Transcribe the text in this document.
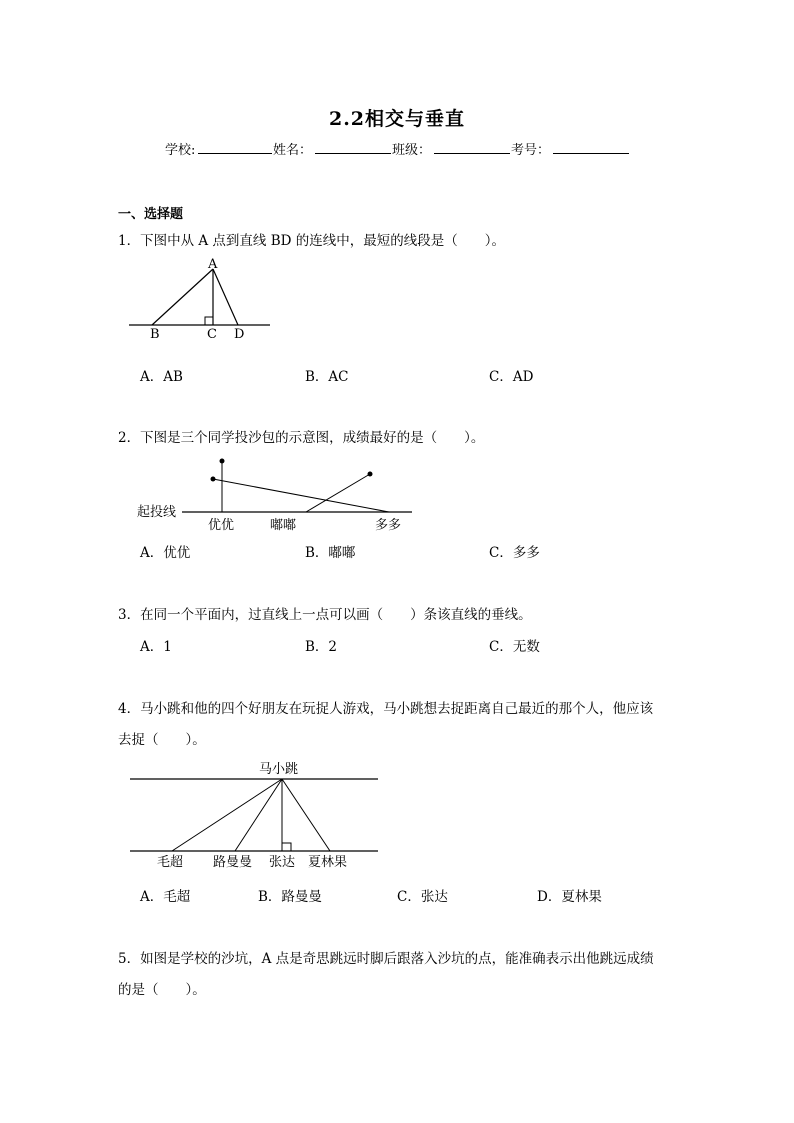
2.2相交与垂直
学校:	姓名：	班级：	考号：
一、选择题
1．下图中从 A 点到直线 BD 的连线中，最短的线段是（　　）。
A
B	C D
A．AB	B．AC	C．AD
2．下图是三个同学投沙包的示意图，成绩最好的是（　　）。
起投线
优优	嘟嘟	多多
A．优优	B．嘟嘟	C．多多
3．在同一个平面内，过直线上一点可以画（　　）条该直线的垂线。
A．1	B．2	C．无数
4．马小跳和他的四个好朋友在玩捉人游戏，马小跳想去捉距离自己最近的那个人，他应该
去捉（　　）。
马小跳
毛超 路曼曼 张达 夏林果
A．毛超	B．路曼曼	C．张达	D．夏林果
5．如图是学校的沙坑，A 点是奇思跳远时脚后跟落入沙坑的点，能准确表示出他跳远成绩
的是（　　）。
